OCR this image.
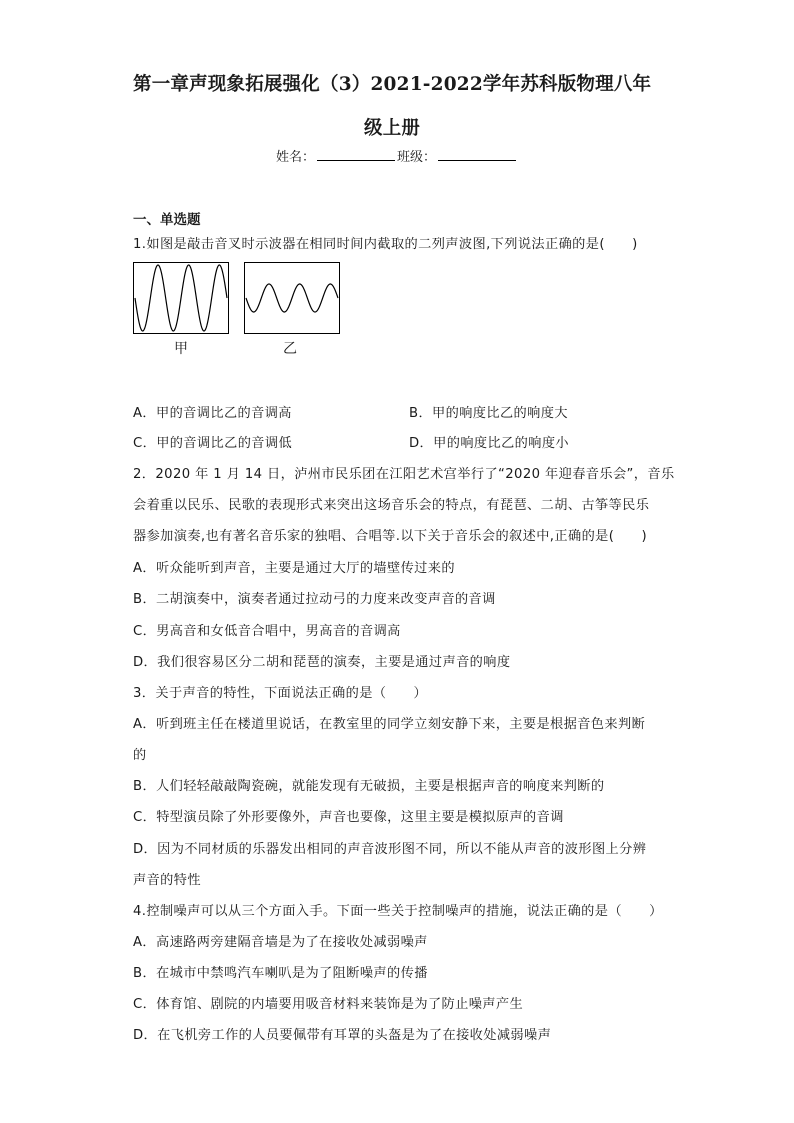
第一章声现象拓展强化（3）2021-2022学年苏科版物理八年
级上册
姓名：	班级：
一、单选题
1.如图是敲击音叉时示波器在相同时间内截取的二列声波图,下列说法正确的是(　　)
甲	乙
A．甲的音调比乙的音调高	B．甲的响度比乙的响度大
C．甲的音调比乙的音调低	D．甲的响度比乙的响度小
2．2020 年 1 月 14 日，泸州市民乐团在江阳艺术宫举行了“2020 年迎春音乐会”，音乐
会着重以民乐、民歌的表现形式来突出这场音乐会的特点，有琵琶、二胡、古筝等民乐
器参加演奏,也有著名音乐家的独唱、合唱等.以下关于音乐会的叙述中,正确的是(　　)
A．听众能听到声音，主要是通过大厅的墙壁传过来的
B．二胡演奏中，演奏者通过拉动弓的力度来改变声音的音调
C．男高音和女低音合唱中，男高音的音调高
D．我们很容易区分二胡和琵琶的演奏，主要是通过声音的响度
3．关于声音的特性，下面说法正确的是（　　）
A．听到班主任在楼道里说话，在教室里的同学立刻安静下来，主要是根据音色来判断
的
B．人们轻轻敲敲陶瓷碗，就能发现有无破损，主要是根据声音的响度来判断的
C．特型演员除了外形要像外，声音也要像，这里主要是模拟原声的音调
D．因为不同材质的乐器发出相同的声音波形图不同，所以不能从声音的波形图上分辨
声音的特性
4.控制噪声可以从三个方面入手。下面一些关于控制噪声的措施，说法正确的是（　　）
A．高速路两旁建隔音墙是为了在接收处减弱噪声
B．在城市中禁鸣汽车喇叭是为了阻断噪声的传播
C．体育馆、剧院的内墙要用吸音材料来装饰是为了防止噪声产生
D．在飞机旁工作的人员要佩带有耳罩的头盔是为了在接收处减弱噪声
